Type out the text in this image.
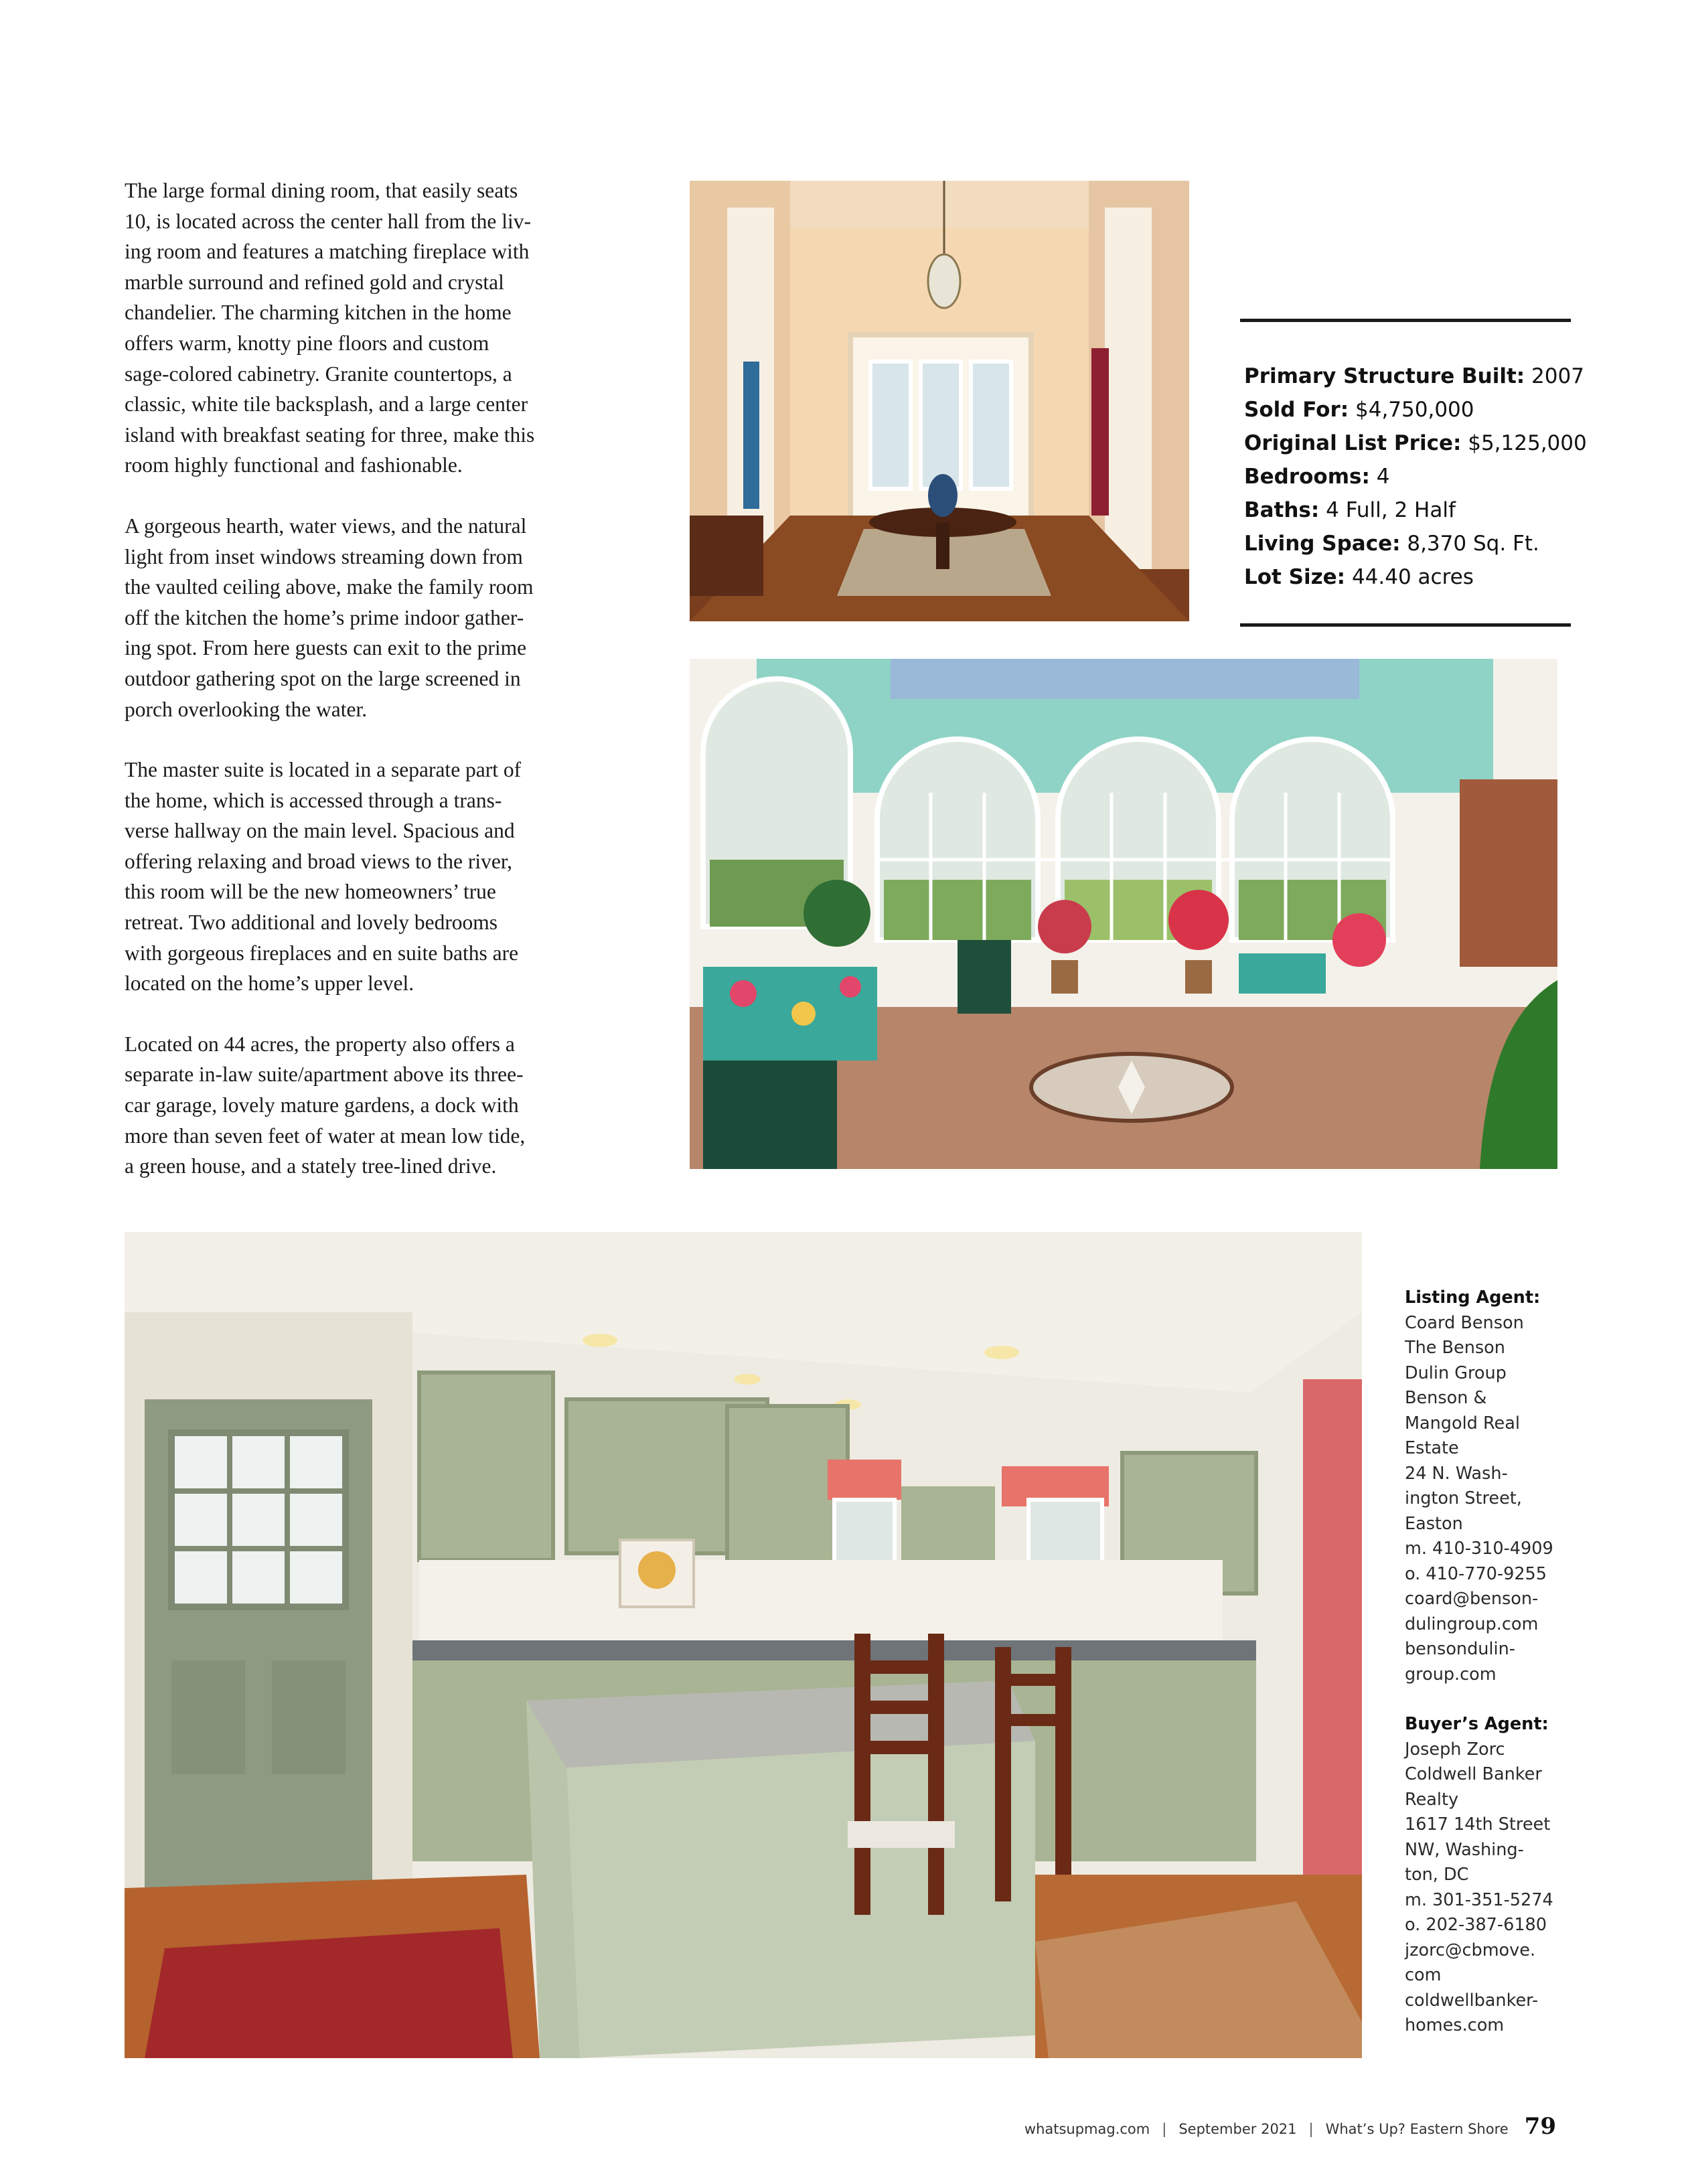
The large formal dining room, that easily seats
10, is located across the center hall from the liv-
ing room and features a matching fireplace with
marble surround and refined gold and crystal
chandelier. The charming kitchen in the home
offers warm, knotty pine floors and custom
sage-colored cabinetry. Granite countertops, a
classic, white tile backsplash, and a large center
island with breakfast seating for three, make this
room highly functional and fashionable.

A gorgeous hearth, water views, and the natural
light from inset windows streaming down from
the vaulted ceiling above, make the family room
off the kitchen the home’s prime indoor gather-
ing spot. From here guests can exit to the prime
outdoor gathering spot on the large screened in
porch overlooking the water.

The master suite is located in a separate part of
the home, which is accessed through a trans-
verse hallway on the main level. Spacious and
offering relaxing and broad views to the river,
this room will be the new homeowners’ true
retreat. Two additional and lovely bedrooms
with gorgeous fireplaces and en suite baths are
located on the home’s upper level.

Located on 44 acres, the property also offers a
separate in-law suite/apartment above its three-
car garage, lovely mature gardens, a dock with
more than seven feet of water at mean low tide,
a green house, and a stately tree-lined drive.

Primary Structure Built: 2007
Sold For: $4,750,000
Original List Price: $5,125,000
Bedrooms: 4
Baths: 4 Full, 2 Half
Living Space: 8,370 Sq. Ft.
Lot Size: 44.40 acres
Listing Agent:
Coard Benson
The Benson
Dulin Group
Benson &
Mangold Real
Estate
24 N. Wash-
ington Street,
Easton
m. 410-310-4909
o. 410-770-9255
coard@benson-
dulingroup.com
bensondulin-
group.com
Buyer’s Agent:
Joseph Zorc
Coldwell Banker
Realty
1617 14th Street
NW, Washing-
ton, DC
m. 301-351-5274
o. 202-387-6180
jzorc@cbmove.
com
coldwellbanker-
homes.com
whatsupmag.com | September 2021 | What’s Up? Eastern Shore 79
